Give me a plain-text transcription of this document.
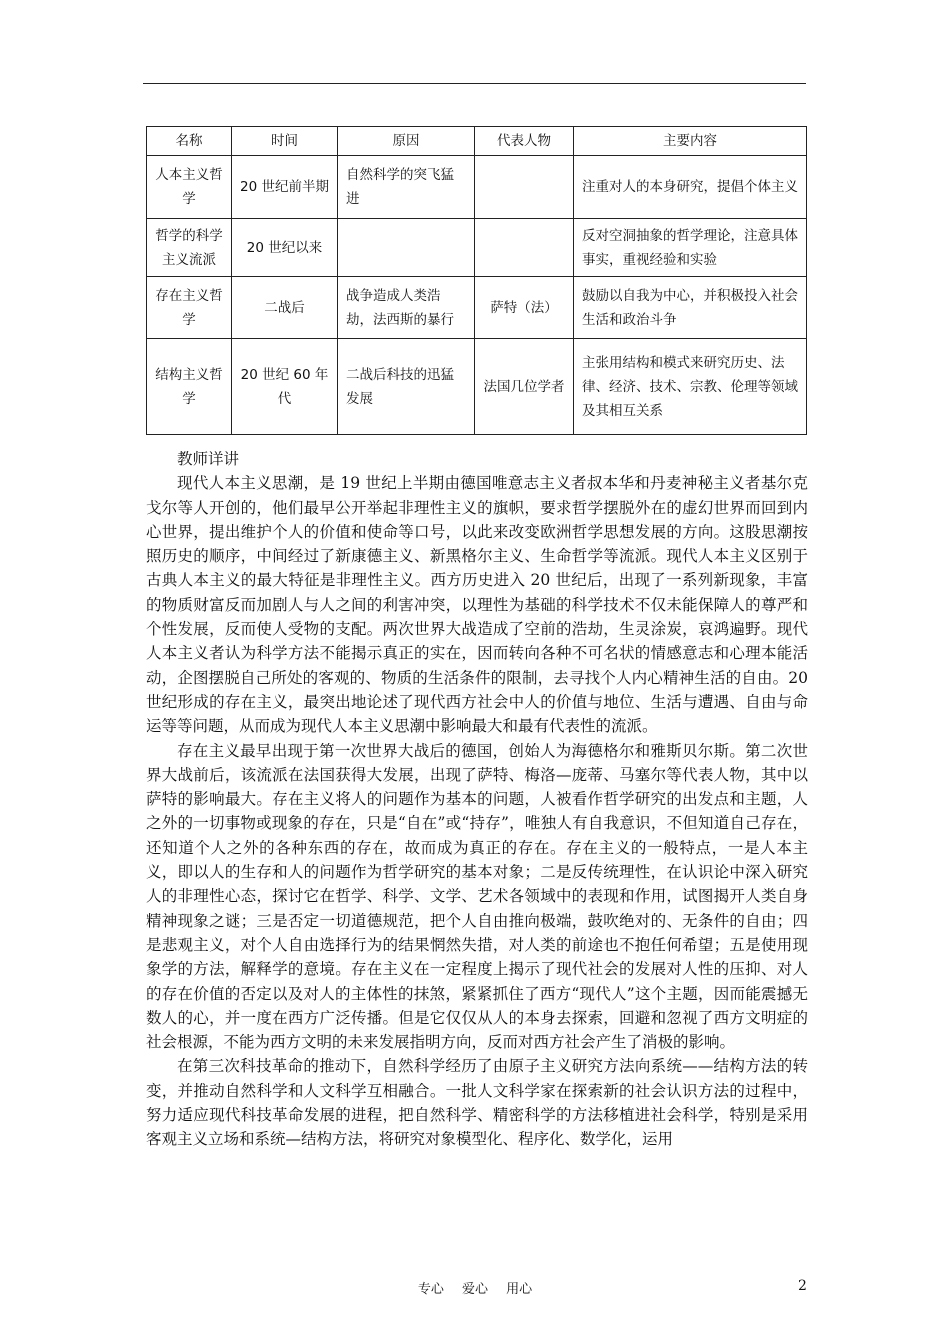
名称	时间	原因	代表人物	主要内容
人本主义哲学	20 世纪前半期	自然科学的突飞猛进		注重对人的本身研究，提倡个体主义
哲学的科学主义流派	20 世纪以来			反对空洞抽象的哲学理论，注意具体事实，重视经验和实验
存在主义哲学	二战后	战争造成人类浩劫，法西斯的暴行	萨特（法）	鼓励以自我为中心，并积极投入社会生活和政治斗争
结构主义哲学	20 世纪 60 年代	二战后科技的迅猛发展	法国几位学者	主张用结构和模式来研究历史、法律、经济、技术、宗教、伦理等领域及其相互关系

教师详讲

现代人本主义思潮，是 19 世纪上半期由德国唯意志主义者叔本华和丹麦神秘主义者基尔克戈尔等人开创的，他们最早公开举起非理性主义的旗帜，要求哲学摆脱外在的虚幻世界而回到内心世界，提出维护个人的价值和使命等口号，以此来改变欧洲哲学思想发展的方向。这股思潮按照历史的顺序，中间经过了新康德主义、新黑格尔主义、生命哲学等流派。现代人本主义区别于古典人本主义的最大特征是非理性主义。西方历史进入 20 世纪后，出现了一系列新现象，丰富的物质财富反而加剧人与人之间的利害冲突，以理性为基础的科学技术不仅未能保障人的尊严和个性发展，反而使人受物的支配。两次世界大战造成了空前的浩劫，生灵涂炭，哀鸿遍野。现代人本主义者认为科学方法不能揭示真正的实在，因而转向各种不可名状的情感意志和心理本能活动，企图摆脱自己所处的客观的、物质的生活条件的限制，去寻找个人内心精神生活的自由。20 世纪形成的存在主义，最突出地论述了现代西方社会中人的价值与地位、生活与遭遇、自由与命运等等问题，从而成为现代人本主义思潮中影响最大和最有代表性的流派。

存在主义最早出现于第一次世界大战后的德国，创始人为海德格尔和雅斯贝尔斯。第二次世界大战前后，该流派在法国获得大发展，出现了萨特、梅洛—庞蒂、马塞尔等代表人物，其中以萨特的影响最大。存在主义将人的问题作为基本的问题，人被看作哲学研究的出发点和主题，人之外的一切事物或现象的存在，只是“自在”或“持存”，唯独人有自我意识，不但知道自己存在，还知道个人之外的各种东西的存在，故而成为真正的存在。存在主义的一般特点，一是人本主义，即以人的生存和人的问题作为哲学研究的基本对象；二是反传统理性，在认识论中深入研究人的非理性心态，探讨它在哲学、科学、文学、艺术各领域中的表现和作用，试图揭开人类自身精神现象之谜；三是否定一切道德规范，把个人自由推向极端，鼓吹绝对的、无条件的自由；四是悲观主义，对个人自由选择行为的结果惘然失措，对人类的前途也不抱任何希望；五是使用现象学的方法，解释学的意境。存在主义在一定程度上揭示了现代社会的发展对人性的压抑、对人的存在价值的否定以及对人的主体性的抹煞，紧紧抓住了西方“现代人”这个主题，因而能震撼无数人的心，并一度在西方广泛传播。但是它仅仅从人的本身去探索，回避和忽视了西方文明症的社会根源，不能为西方文明的未来发展指明方向，反而对西方社会产生了消极的影响。

在第三次科技革命的推动下，自然科学经历了由原子主义研究方法向系统——结构方法的转变，并推动自然科学和人文科学互相融合。一批人文科学家在探索新的社会认识方法的过程中，努力适应现代科技革命发展的进程，把自然科学、精密科学的方法移植进社会科学，特别是采用客观主义立场和系统—结构方法，将研究对象模型化、程序化、数学化，运用

专心 爱心 用心	2
